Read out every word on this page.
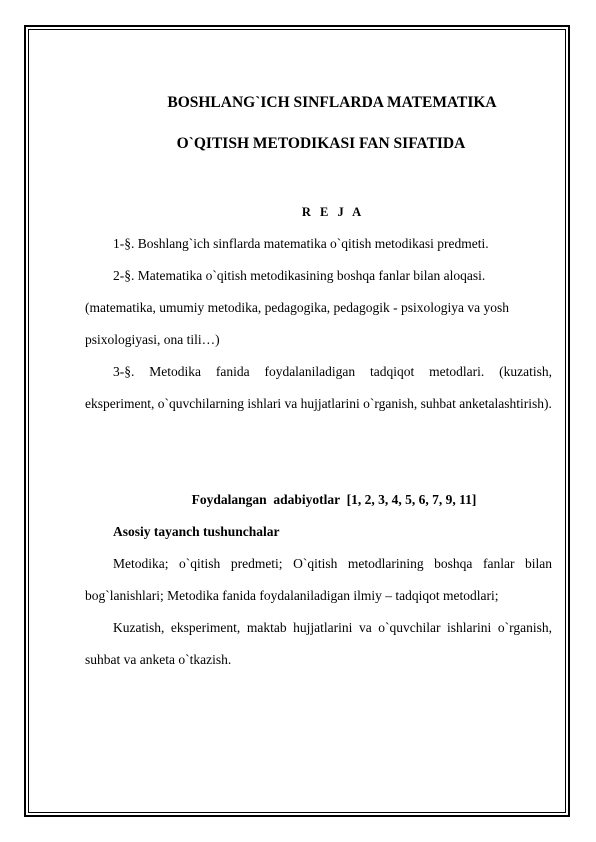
BOSHLANG`ICH SINFLARDA MATEMATIKA
O`QITISH METODIKASI FAN SIFATIDA
R E J A

1-§. Boshlang`ich sinflarda matematika o`qitish metodikasi predmeti.

2-§. Matematika o`qitish metodikasining boshqa fanlar bilan aloqasi.

(matematika, umumiy metodika, pedagogika, pedagogik - psixologiya va yosh psixologiyasi, ona tili…)

3-§. Metodika fanida foydalaniladigan tadqiqot metodlari. (kuzatish, eksperiment, o`quvchilarning ishlari va hujjatlarini o`rganish, suhbat anketalashtirish).

Foydalangan  adabiyotlar  [1, 2, 3, 4, 5, 6, 7, 9, 11]
Asosiy tayanch tushunchalar

Metodika; o`qitish predmeti; O`qitish metodlarining boshqa fanlar bilan bog`lanishlari; Metodika fanida foydalaniladigan ilmiy – tadqiqot metodlari;

Kuzatish, eksperiment, maktab hujjatlarini va o`quvchilar ishlarini o`rganish, suhbat va anketa o`tkazish.
